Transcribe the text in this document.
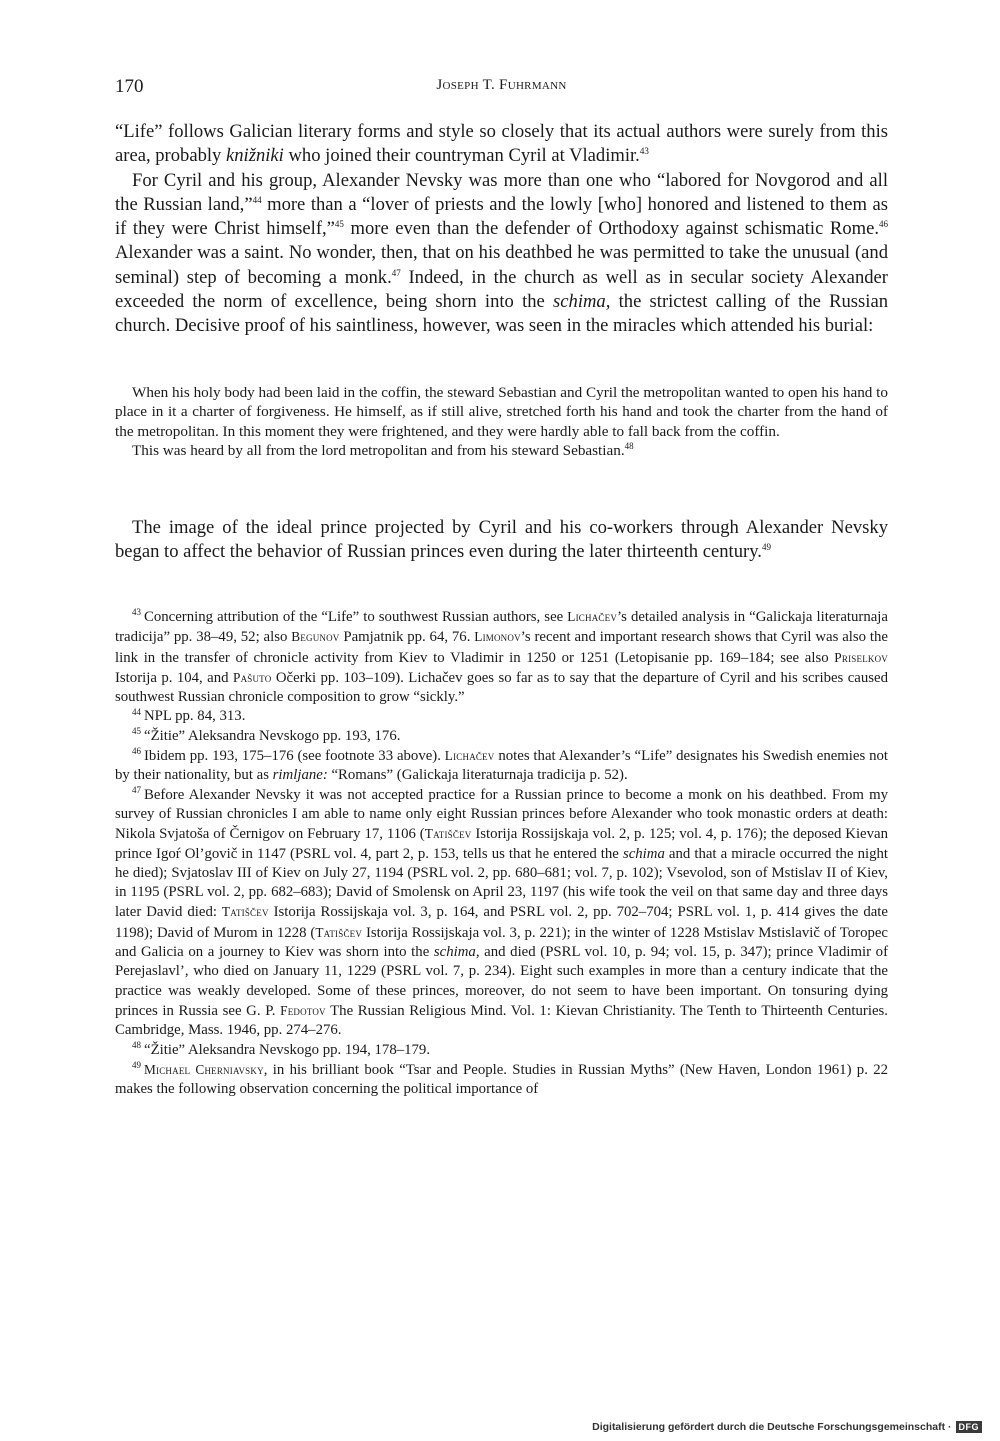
170	Joseph T. Fuhrmann

“Life” follows Galician literary forms and style so closely that its actual authors were surely from this area, probably knižniki who joined their countryman Cyril at Vladimir.$^{43}$

For Cyril and his group, Alexander Nevsky was more than one who “labored for Novgorod and all the Russian land,”$^{44}$ more than a “lover of priests and the lowly [who] honored and listened to them as if they were Christ himself,”$^{45}$ more even than the defender of Orthodoxy against schismatic Rome.$^{46}$ Alexander was a saint. No wonder, then, that on his deathbed he was permitted to take the unusual (and seminal) step of becoming a monk.$^{47}$ Indeed, in the church as well as in secular society Alexander exceeded the norm of excellence, being shorn into the schima, the strictest calling of the Russian church. Decisive proof of his saintliness, however, was seen in the miracles which attended his burial:

When his holy body had been laid in the coffin, the steward Sebastian and Cyril the metropolitan wanted to open his hand to place in it a charter of forgiveness. He himself, as if still alive, stretched forth his hand and took the charter from the hand of the metropolitan. In this moment they were frightened, and they were hardly able to fall back from the coffin.

This was heard by all from the lord metropolitan and from his steward Sebastian.$^{48}$

The image of the ideal prince projected by Cyril and his co-workers through Alexander Nevsky began to affect the behavior of Russian princes even during the later thirteenth century.$^{49}$

$^{43}$ Concerning attribution of the “Life” to southwest Russian authors, see Lichačev’s detailed analysis in “Galickaja literaturnaja tradicija” pp. 38–49, 52; also Begunov Pamjatnik pp. 64, 76. Limonov’s recent and important research shows that Cyril was also the link in the transfer of chronicle activity from Kiev to Vladimir in 1250 or 1251 (Letopisanie pp. 169–184; see also Priselkov Istorija p. 104, and Pašuto Očerki pp. 103–109). Lichačev goes so far as to say that the departure of Cyril and his scribes caused southwest Russian chronicle composition to grow “sickly.”

$^{44}$ NPL pp. 84, 313.

$^{45}$ “Žitie” Aleksandra Nevskogo pp. 193, 176.

$^{46}$ Ibidem pp. 193, 175–176 (see footnote 33 above). Lichačev notes that Alexander’s “Life” designates his Swedish enemies not by their nationality, but as rimljane: “Romans” (Galickaja literaturnaja tradicija p. 52).

$^{47}$ Before Alexander Nevsky it was not accepted practice for a Russian prince to become a monk on his deathbed. From my survey of Russian chronicles I am able to name only eight Russian princes before Alexander who took monastic orders at death: Nikola Svjatoša of Černigov on February 17, 1106 (Tatiščev Istorija Rossijskaja vol. 2, p. 125; vol. 4, p. 176); the deposed Kievan prince Igoŕ Ol’govič in 1147 (PSRL vol. 4, part 2, p. 153, tells us that he entered the schima and that a miracle occurred the night he died); Svjatoslav III of Kiev on July 27, 1194 (PSRL vol. 2, pp. 680–681; vol. 7, p. 102); Vsevolod, son of Mstislav II of Kiev, in 1195 (PSRL vol. 2, pp. 682–683); David of Smolensk on April 23, 1197 (his wife took the veil on that same day and three days later David died: Tatiščev Istorija Rossijskaja vol. 3, p. 164, and PSRL vol. 2, pp. 702–704; PSRL vol. 1, p. 414 gives the date 1198); David of Murom in 1228 (Tatiščev Istorija Rossijskaja vol. 3, p. 221); in the winter of 1228 Mstislav Mstislavič of Toropec and Galicia on a journey to Kiev was shorn into the schima, and died (PSRL vol. 10, p. 94; vol. 15, p. 347); prince Vladimir of Perejaslavl’, who died on January 11, 1229 (PSRL vol. 7, p. 234). Eight such examples in more than a century indicate that the practice was weakly developed. Some of these princes, moreover, do not seem to have been important. On tonsuring dying princes in Russia see G. P. Fedotov The Russian Religious Mind. Vol. 1: Kievan Christianity. The Tenth to Thirteenth Centuries. Cambridge, Mass. 1946, pp. 274–276.

$^{48}$ “Žitie” Aleksandra Nevskogo pp. 194, 178–179.

$^{49}$ Michael Cherniavsky, in his brilliant book “Tsar and People. Studies in Russian Myths” (New Haven, London 1961) p. 22 makes the following observation concerning the political importance of

Digitalisierung gefördert durch die Deutsche Forschungsgemeinschaft · DFG
